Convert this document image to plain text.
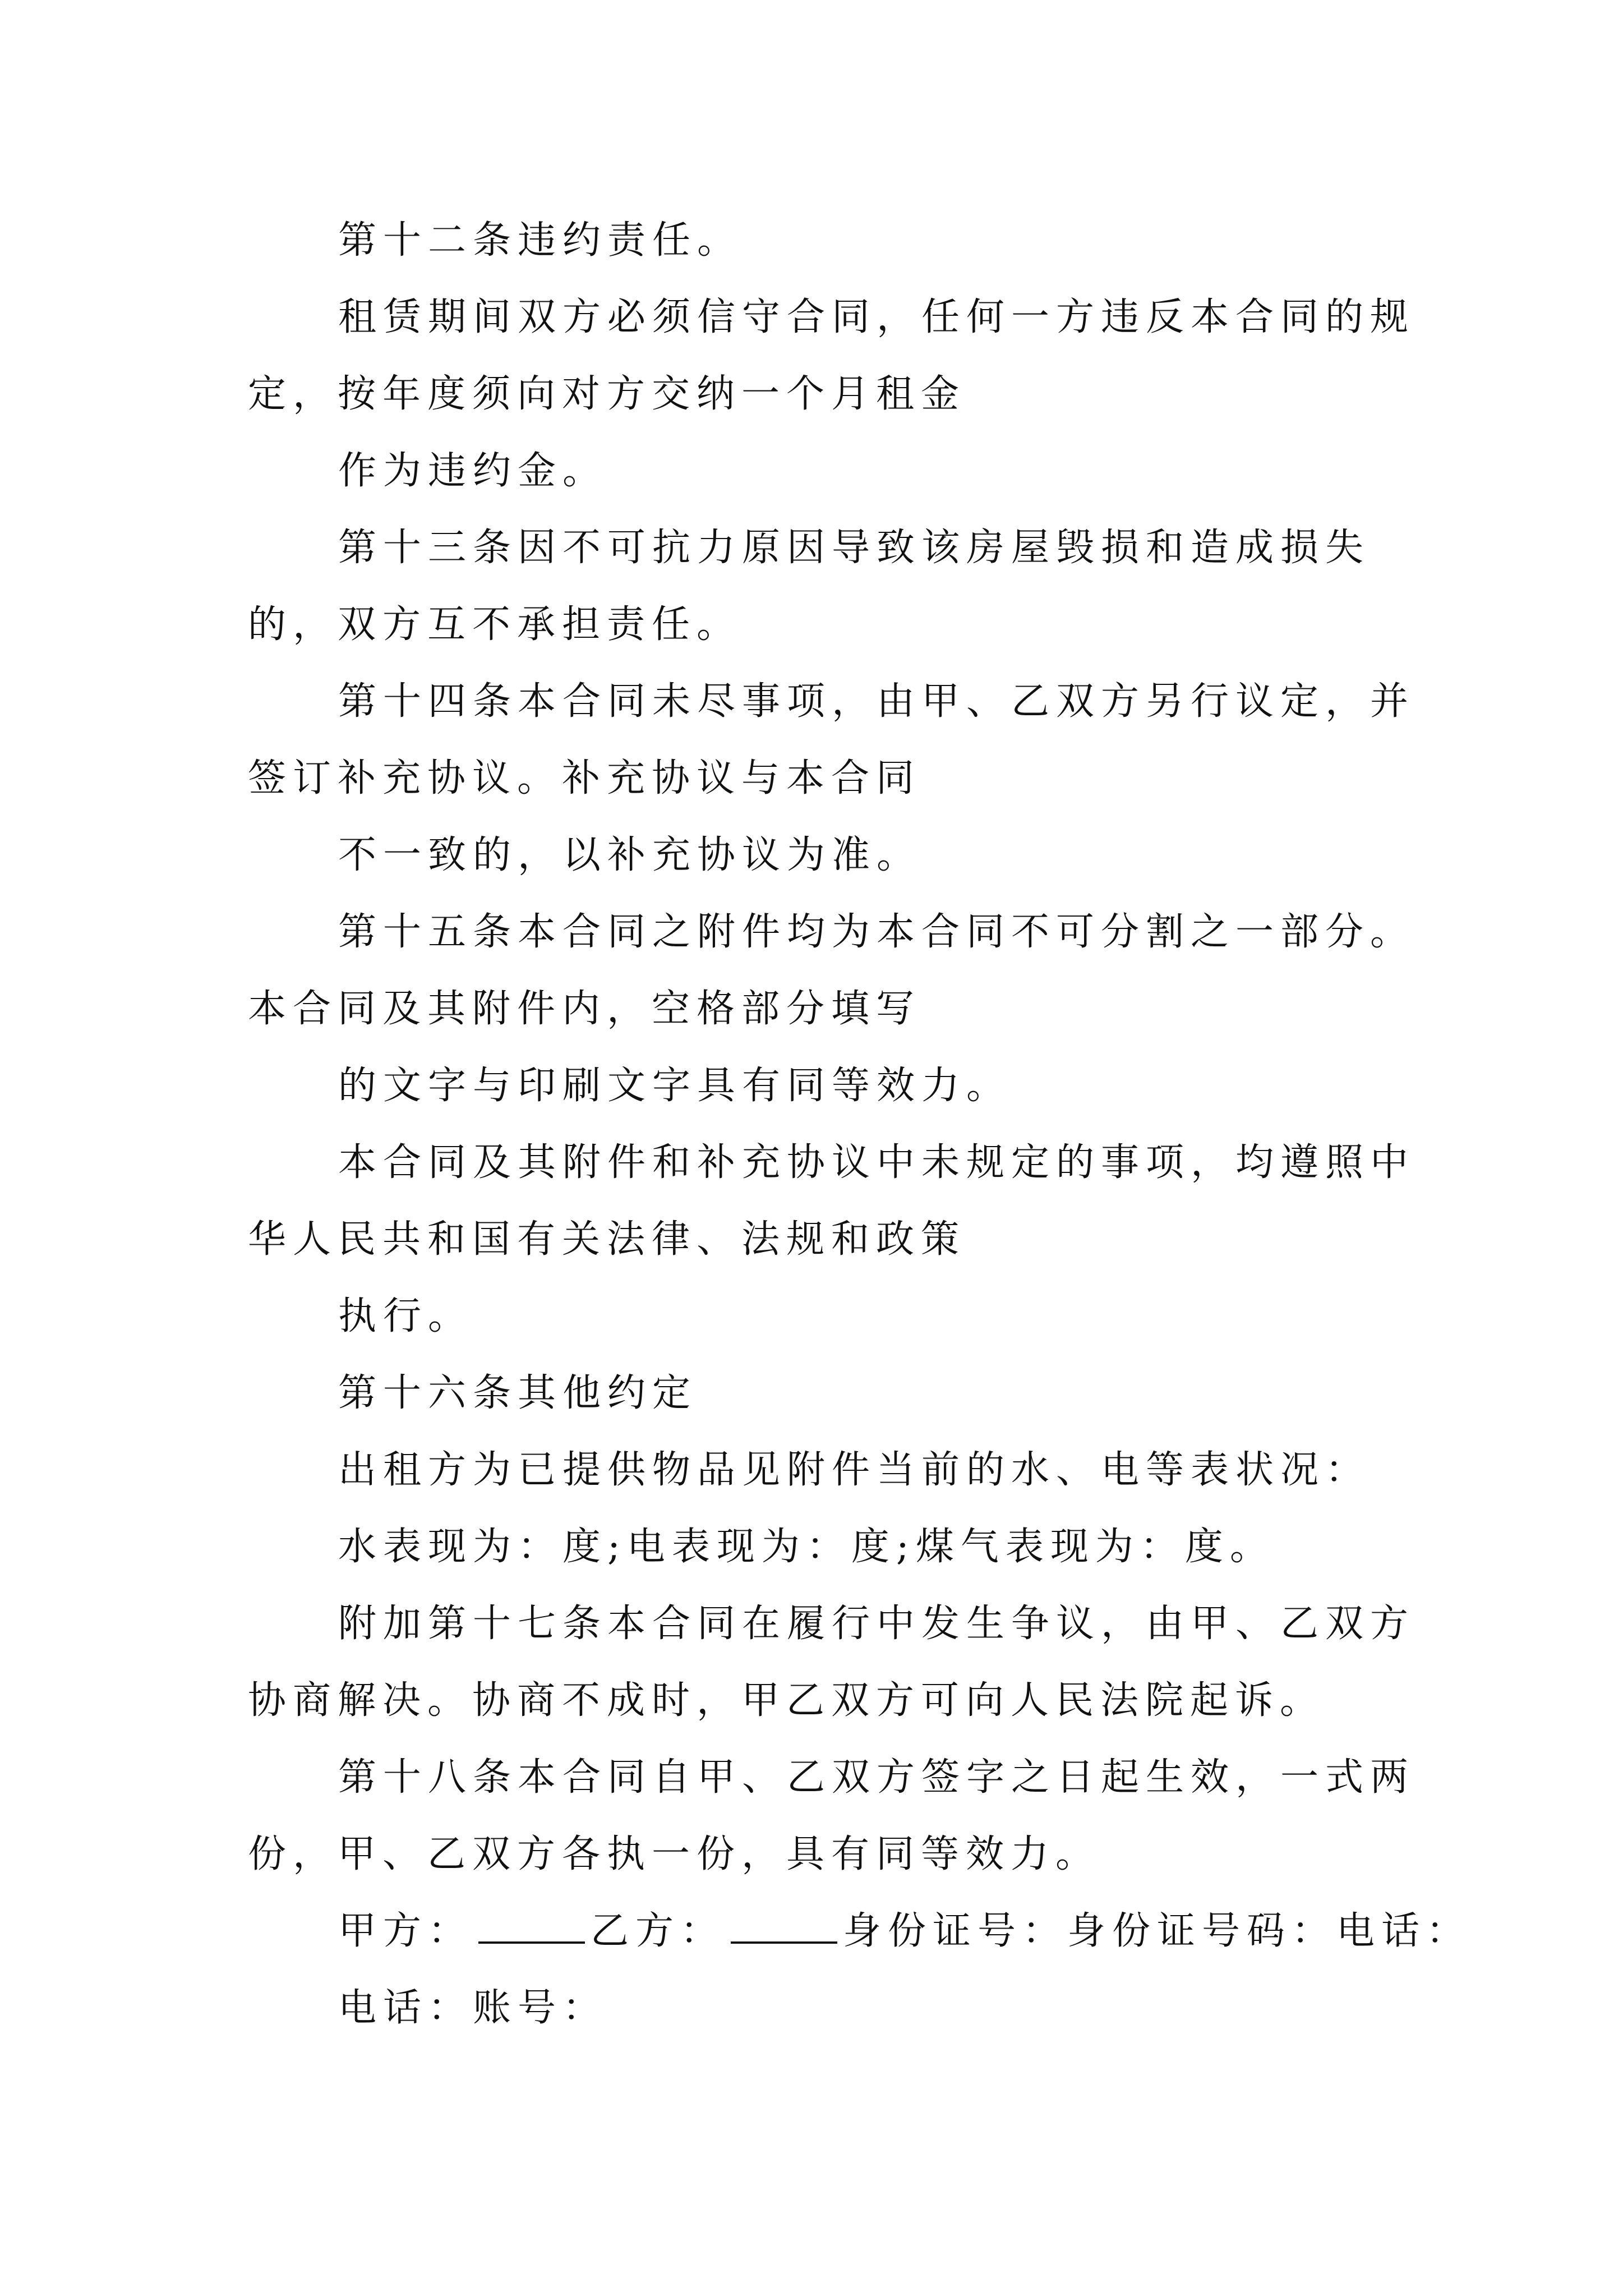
第十二条违约责任。
租赁期间双方必须信守合同，任何一方违反本合同的规
定，按年度须向对方交纳一个月租金
作为违约金。
第十三条因不可抗力原因导致该房屋毁损和造成损失
的，双方互不承担责任。
第十四条本合同未尽事项，由甲、乙双方另行议定，并
签订补充协议。补充协议与本合同
不一致的，以补充协议为准。
第十五条本合同之附件均为本合同不可分割之一部分。
本合同及其附件内，空格部分填写
的文字与印刷文字具有同等效力。
本合同及其附件和补充协议中未规定的事项，均遵照中
华人民共和国有关法律、法规和政策
执行。
第十六条其他约定
出租方为已提供物品见附件当前的水、电等表状况：
水表现为：度;电表现为：度;煤气表现为：度。
附加第十七条本合同在履行中发生争议，由甲、乙双方
协商解决。协商不成时，甲乙双方可向人民法院起诉。
第十八条本合同自甲、乙双方签字之日起生效，一式两
份，甲、乙双方各执一份，具有同等效力。
甲方：	乙方：	身份证号：身份证号码：电话：
电话：账号：
